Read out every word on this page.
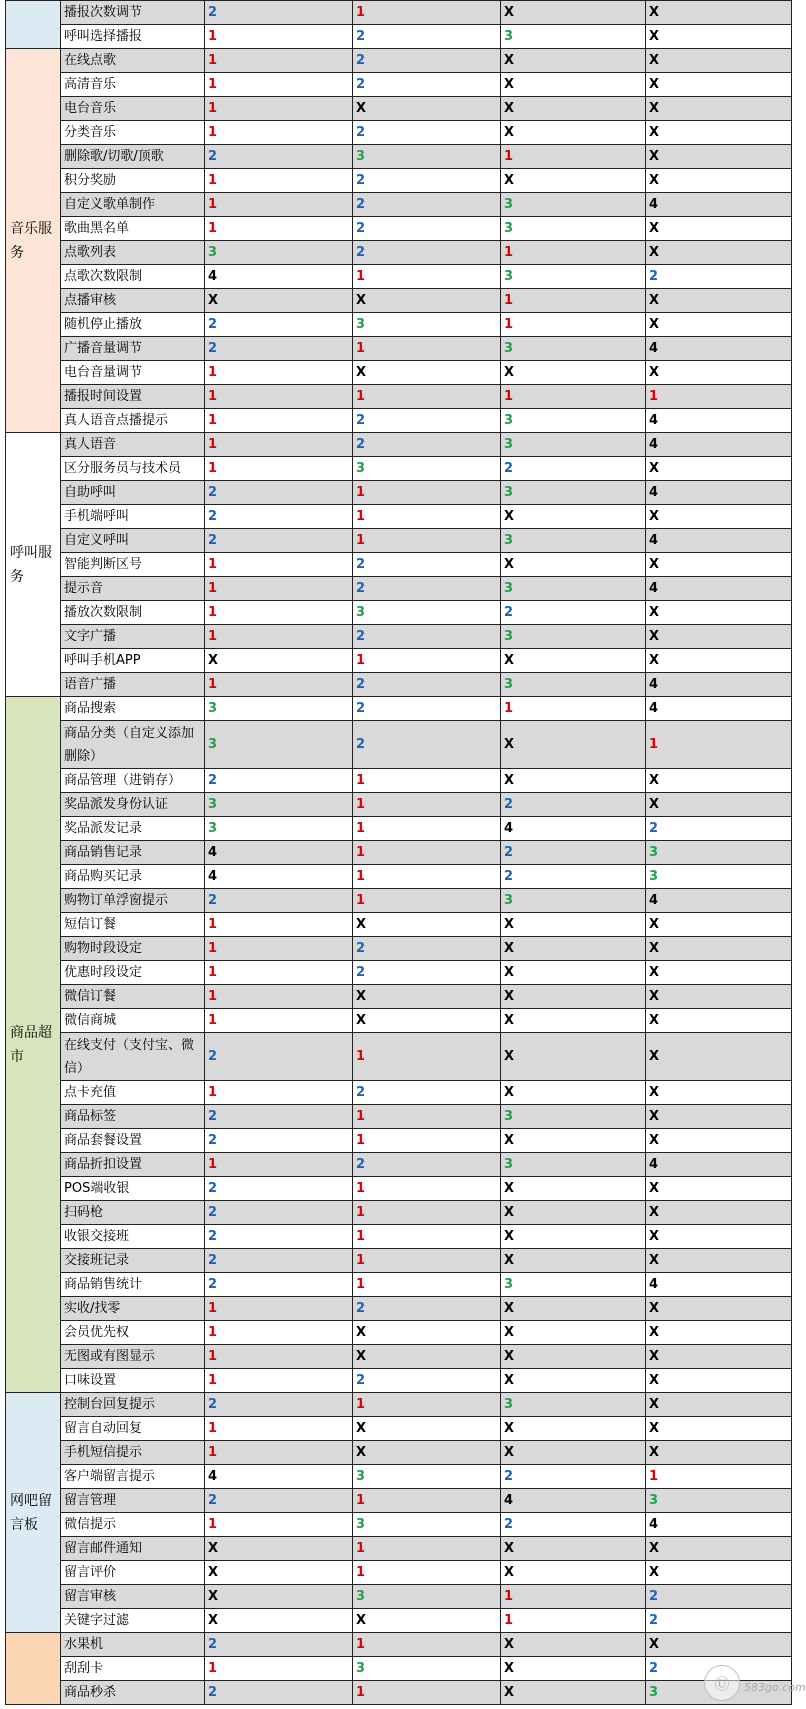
	播报次数调节	2	1	X	X
	呼叫选择播报	1	2	3	X
音乐服务	在线点歌	1	2	X	X
	高清音乐	1	2	X	X
	电台音乐	1	X	X	X
	分类音乐	1	2	X	X
	删除歌/切歌/顶歌	2	3	1	X
	积分奖励	1	2	X	X
	自定义歌单制作	1	2	3	4
	歌曲黑名单	1	2	3	X
	点歌列表	3	2	1	X
	点歌次数限制	4	1	3	2
	点播审核	X	X	1	X
	随机停止播放	2	3	1	X
	广播音量调节	2	1	3	4
	电台音量调节	1	X	X	X
	播报时间设置	1	1	1	1
	真人语音点播提示	1	2	3	4
呼叫服务	真人语音	1	2	3	4
	区分服务员与技术员	1	3	2	X
	自助呼叫	2	1	3	4
	手机端呼叫	2	1	X	X
	自定义呼叫	2	1	3	4
	智能判断区号	1	2	X	X
	提示音	1	2	3	4
	播放次数限制	1	3	2	X
	文字广播	1	2	3	X
	呼叫手机APP	X	1	X	X
	语音广播	1	2	3	4
商品超市	商品搜索	3	2	1	4
	商品分类（自定义添加删除）	3	2	X	1
	商品管理（进销存）	2	1	X	X
	奖品派发身份认证	3	1	2	X
	奖品派发记录	3	1	4	2
	商品销售记录	4	1	2	3
	商品购买记录	4	1	2	3
	购物订单浮窗提示	2	1	3	4
	短信订餐	1	X	X	X
	购物时段设定	1	2	X	X
	优惠时段设定	1	2	X	X
	微信订餐	1	X	X	X
	微信商城	1	X	X	X
	在线支付（支付宝、微信）	2	1	X	X
	点卡充值	1	2	X	X
	商品标签	2	1	3	X
	商品套餐设置	2	1	X	X
	商品折扣设置	1	2	3	4
	POS端收银	2	1	X	X
	扫码枪	2	1	X	X
	收银交接班	2	1	X	X
	交接班记录	2	1	X	X
	商品销售统计	2	1	3	4
	实收/找零	1	2	X	X
	会员优先权	1	X	X	X
	无图或有图显示	1	X	X	X
	口味设置	1	2	X	X
网吧留言板	控制台回复提示	2	1	3	X
	留言自动回复	1	X	X	X
	手机短信提示	1	X	X	X
	客户端留言提示	4	3	2	1
	留言管理	2	1	4	3
	微信提示	1	3	2	4
	留言邮件通知	X	1	X	X
	留言评价	X	1	X	X
	留言审核	X	3	1	2
	关键字过滤	X	X	1	2
	水果机	2	1	X	X
	刮刮卡	1	3	X	2
	商品秒杀	2	1	X	3	Ⓤ	583go.com
